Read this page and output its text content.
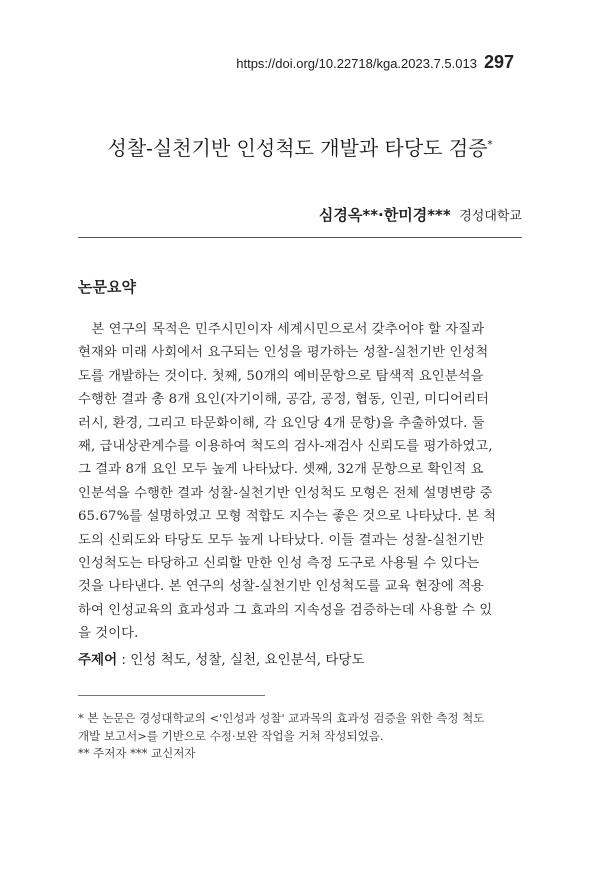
https://doi.org/10.22718/kga.2023.7.5.013 297
성찰-실천기반 인성척도 개발과 타당도 검증*
심경옥**·한미경*** 경성대학교
논문요약

　본 연구의 목적은 민주시민이자 세계시민으로서 갖추어야 할 자질과
현재와 미래 사회에서 요구되는 인성을 평가하는 성찰-실천기반 인성척
도를 개발하는 것이다. 첫째, 50개의 예비문항으로 탐색적 요인분석을
수행한 결과 총 8개 요인(자기이해, 공감, 공정, 협동, 인권, 미디어리터
러시, 환경, 그리고 타문화이해, 각 요인당 4개 문항)을 추출하였다. 둘
째, 급내상관계수를 이용하여 척도의 검사-재검사 신뢰도를 평가하였고,
그 결과 8개 요인 모두 높게 나타났다. 셋째, 32개 문항으로 확인적 요
인분석을 수행한 결과 성찰-실천기반 인성척도 모형은 전체 설명변량 중
65.67%를 설명하였고 모형 적합도 지수는 좋은 것으로 나타났다. 본 척
도의 신뢰도와 타당도 모두 높게 나타났다. 이들 결과는 성찰-실천기반
인성척도는 타당하고 신뢰할 만한 인성 측정 도구로 사용될 수 있다는
것을 나타낸다. 본 연구의 성찰-실천기반 인성척도를 교육 현장에 적용
하여 인성교육의 효과성과 그 효과의 지속성을 검증하는데 사용할 수 있
을 것이다.

주제어 : 인성 척도, 성찰, 실천, 요인분석, 타당도
* 본 논문은 경성대학교의 <'인성과 성찰' 교과목의 효과성 검증을 위한 측정 척도
개발 보고서>를 기반으로 수정·보완 작업을 거쳐 작성되었음.
** 주저자 *** 교신저자
